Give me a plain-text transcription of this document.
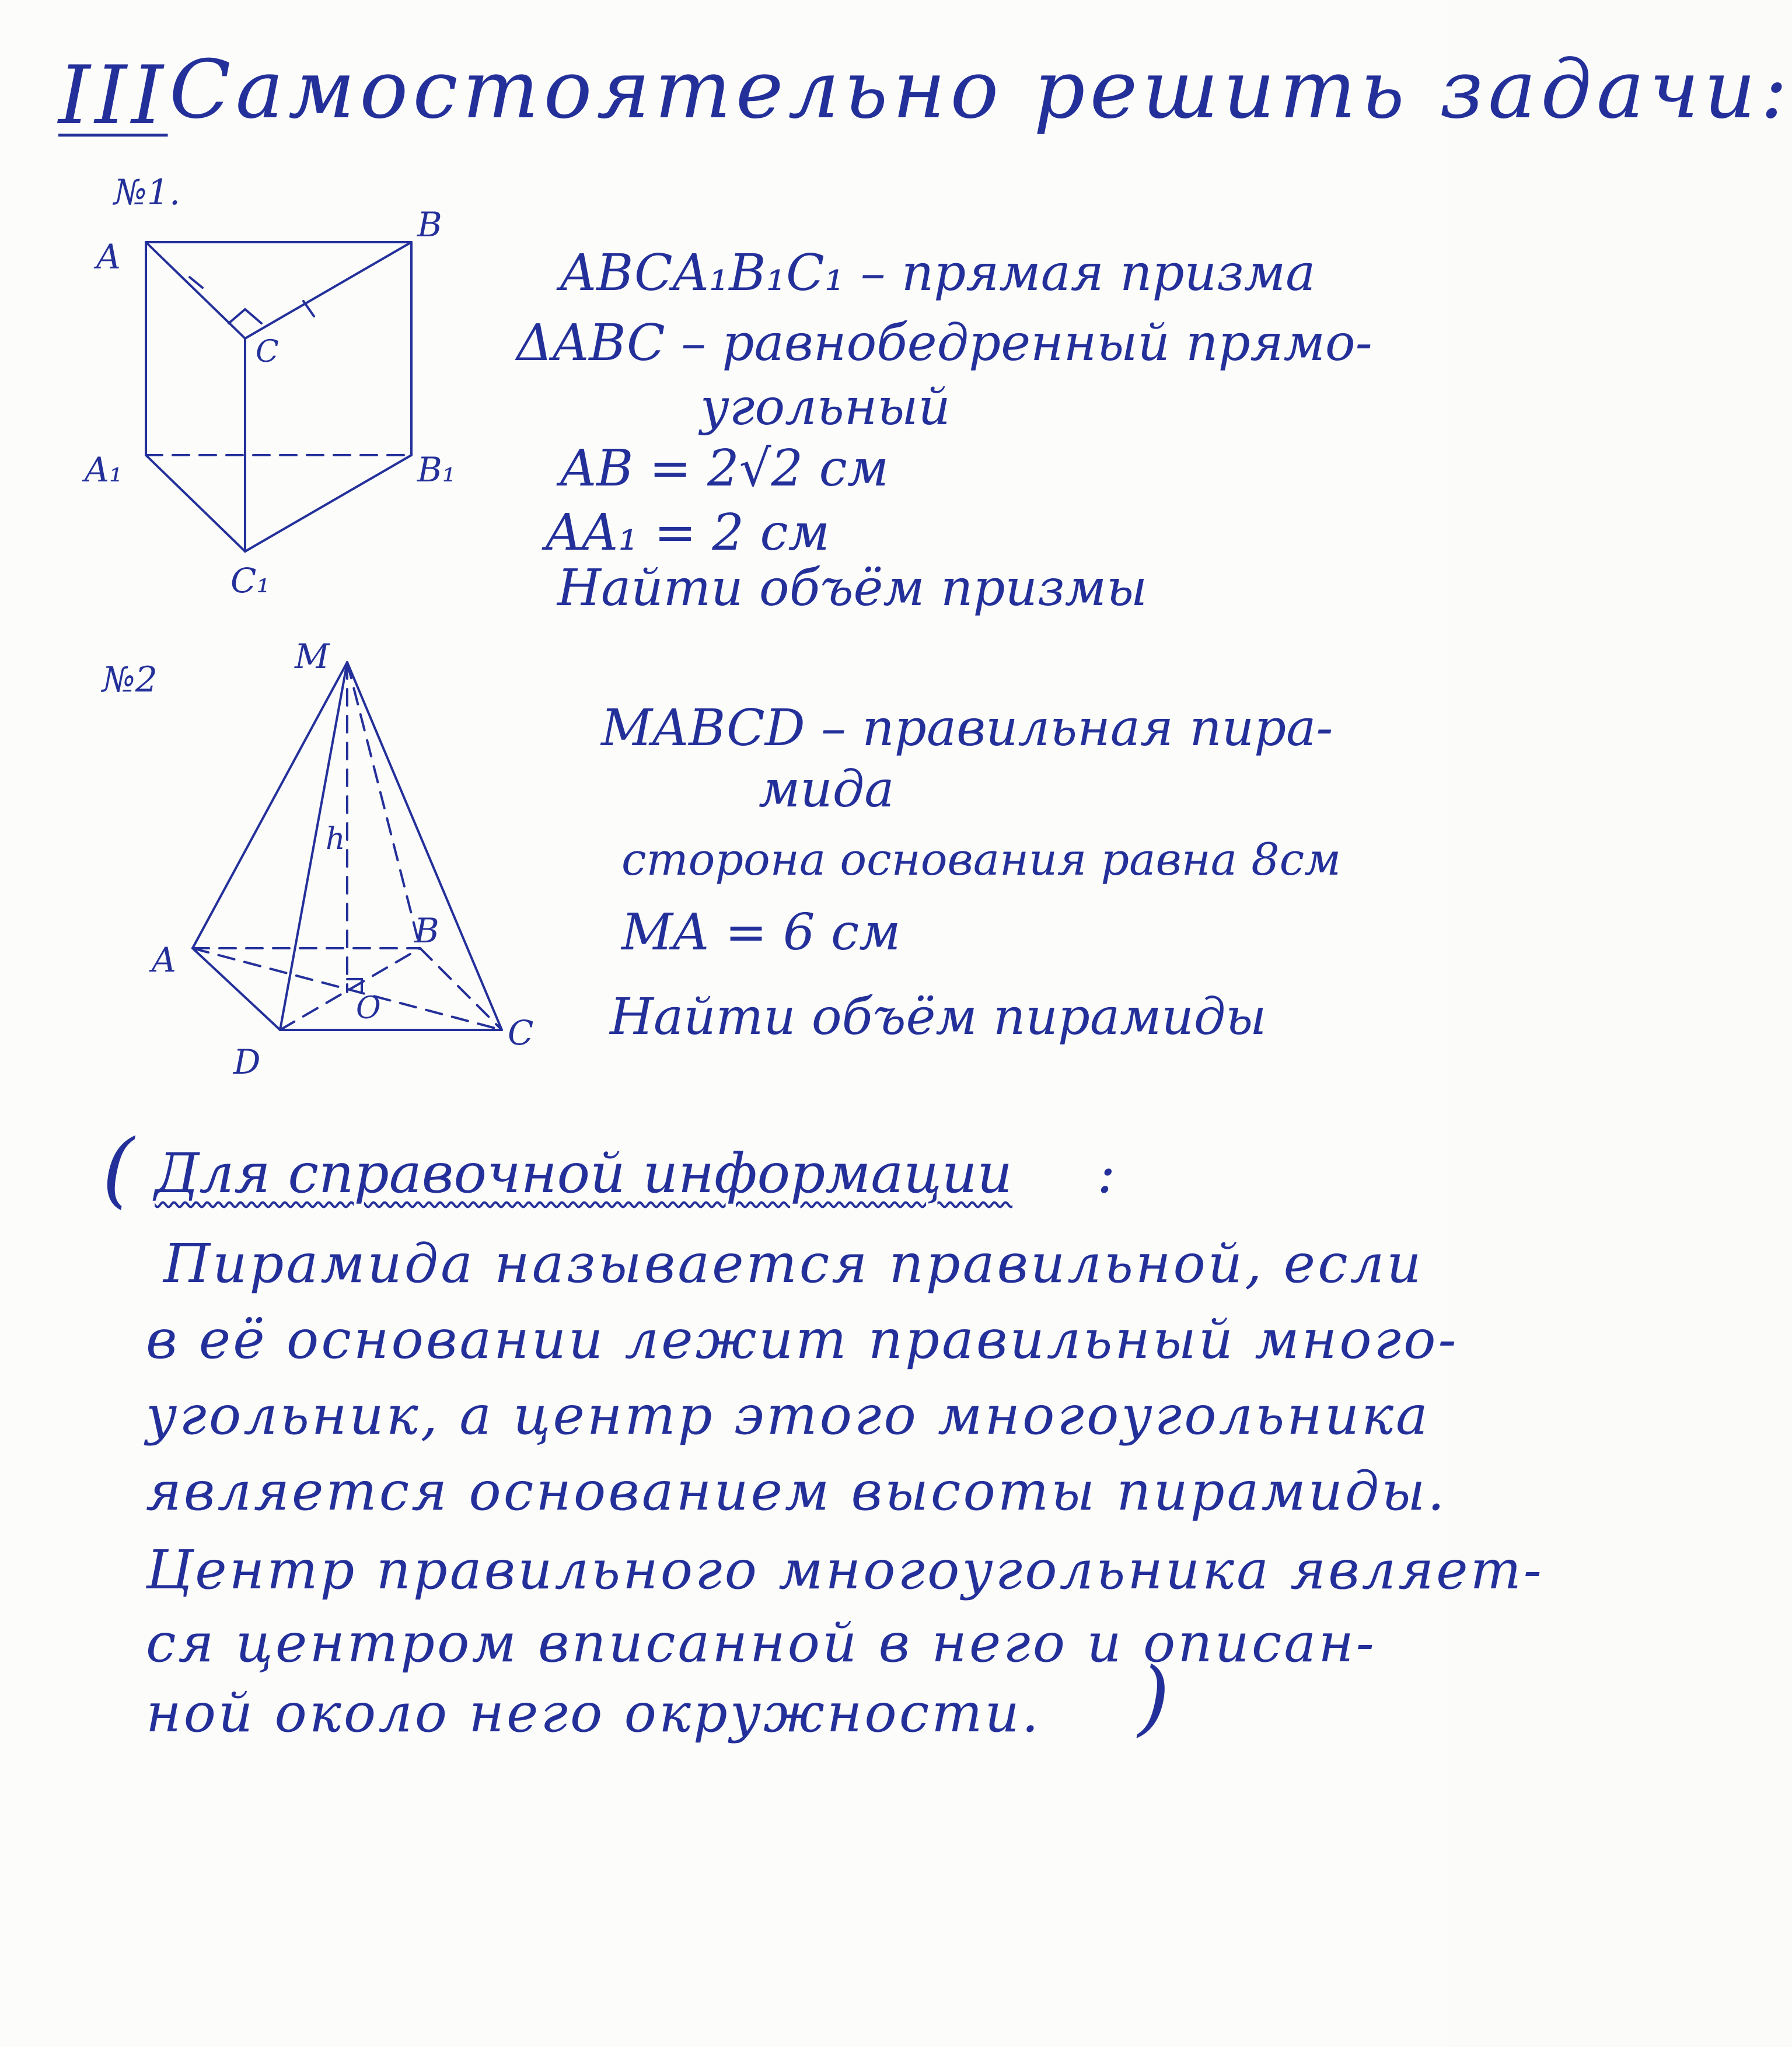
III Самостоятельно решить задачи:
№1.
A
B
C
A₁	B₁
C₁
ABCA₁B₁C₁ – прямая призма
ΔABC – равнобедренный прямо-
угольный
AB = 2√2 см
AA₁ = 2 см
Найти объём призмы
№2
M
A
B
C
D
O
h
MABCD – правильная пира-
мида
сторона основания равна 8см
MA = 6 см
Найти объём пирамиды
( Для справочной информации :
Пирамида называется правильной, если
в её основании лежит правильный много-
угольник, а центр этого многоугольника
является основанием высоты пирамиды.
Центр правильного многоугольника являет-
ся центром вписанной в него и описан-
ной около него окружности. )
